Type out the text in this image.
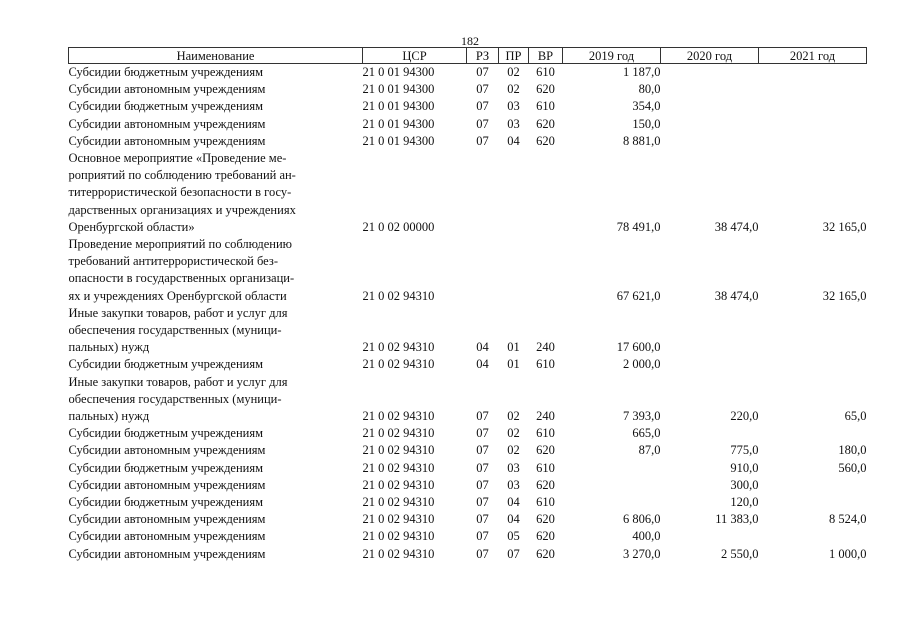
182
Наименование	ЦСР	РЗ	ПР	ВР	2019 год	2020 год	2021 год

Субсидии бюджетным учреждениям	21 0 01 94300	07	02	610	1 187,0		

Субсидии автономным учреждениям	21 0 01 94300	07	02	620	80,0		

Субсидии бюджетным учреждениям	21 0 01 94300	07	03	610	354,0		

Субсидии автономным учреждениям	21 0 01 94300	07	03	620	150,0		

Субсидии автономным учреждениям	21 0 01 94300	07	04	620	8 881,0		

Основное мероприятие «Проведение ме-
роприятий по соблюдению требований ан-
титеррористической безопасности в госу-
дарственных организациях и учреждениях
Оренбургской области»	21 0 02 00000				78 491,0	38 474,0	32 165,0

Проведение мероприятий по соблюдению
требований антитеррористической без-
опасности в государственных организаци-
ях и учреждениях Оренбургской области	21 0 02 94310				67 621,0	38 474,0	32 165,0

Иные закупки товаров, работ и услуг для
обеспечения государственных (муници-
пальных) нужд	21 0 02 94310	04	01	240	17 600,0		

Субсидии бюджетным учреждениям	21 0 02 94310	04	01	610	2 000,0		

Иные закупки товаров, работ и услуг для
обеспечения государственных (муници-
пальных) нужд	21 0 02 94310	07	02	240	7 393,0	220,0	65,0

Субсидии бюджетным учреждениям	21 0 02 94310	07	02	610	665,0		

Субсидии автономным учреждениям	21 0 02 94310	07	02	620	87,0	775,0	180,0

Субсидии бюджетным учреждениям	21 0 02 94310	07	03	610		910,0	560,0

Субсидии автономным учреждениям	21 0 02 94310	07	03	620		300,0	

Субсидии бюджетным учреждениям	21 0 02 94310	07	04	610		120,0	

Субсидии автономным учреждениям	21 0 02 94310	07	04	620	6 806,0	11 383,0	8 524,0

Субсидии автономным учреждениям	21 0 02 94310	07	05	620	400,0		

Субсидии автономным учреждениям	21 0 02 94310	07	07	620	3 270,0	2 550,0	1 000,0
